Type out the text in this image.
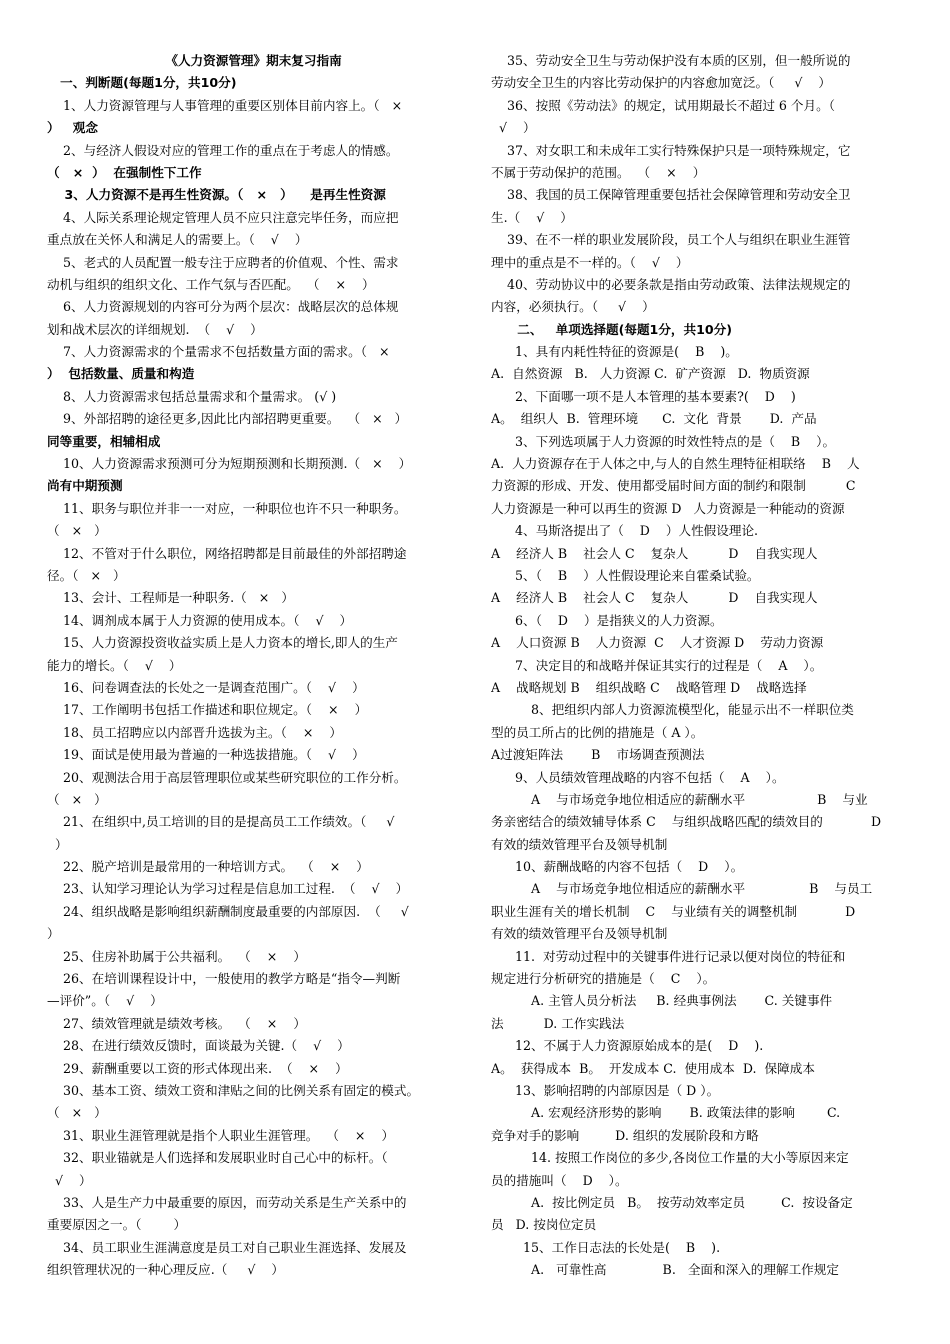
《人力资源管理》期末复习指南
一、判断题(每题1分，共10分)
1、人力资源管理与人事管理的重要区别体目前内容上。（   ×
）   观念
2、与经济人假设对应的管理工作的重点在于考虑人的情感。
（   ×  ）  在强制性下工作
3、人力资源不是再生性资源。（   ×   ）    是再生性资源
4、人际关系理论规定管理人员不应只注意完毕任务，而应把
重点放在关怀人和满足人的需要上。（    √    ）
5、老式的人员配置一般专注于应聘者的价值观、个性、需求
动机与组织的组织文化、工作气氛与否匹配。  （    ×    ）
6、人力资源规划的内容可分为两个层次：战略层次的总体规
划和战术层次的详细规划.  （    √    ）
7、人力资源需求的个量需求不包括数量方面的需求。（   ×
）  包括数量、质量和构造
8、人力资源需求包括总量需求和个量需求。 (√ )
9、外部招聘的途径更多,因此比内部招聘更重要。  （   ×   ）
同等重要，相辅相成
10、人力资源需求预测可分为短期预测和长期预测.（   ×    ）
尚有中期预测
11、职务与职位并非一一对应，一种职位也许不只一种职务。
（   ×   ）
12、不管对于什么职位，网络招聘都是目前最佳的外部招聘途
径。（   ×   ）
13、会计、工程师是一种职务.（   ×   ）
14、调剂成本属于人力资源的使用成本。（    √    ）
15、人力资源投资收益实质上是人力资本的增长,即人的生产
能力的增长。（    √    ）
16、问卷调查法的长处之一是调查范围广。（    √    ）
17、工作阐明书包括工作描述和职位规定。（    ×    ）
18、员工招聘应以内部晋升选拔为主。（    ×    ）
19、面试是使用最为普遍的一种选拔措施。（    √    ）
20、观测法合用于高层管理职位或某些研究职位的工作分析。
（   ×   ）
21、在组织中,员工培训的目的是提高员工工作绩效。（     √
）
22、脱产培训是最常用的一种培训方式。  （    ×    ）
23、认知学习理论认为学习过程是信息加工过程.  （    √    ）
24、组织战略是影响组织薪酬制度最重要的内部原因.  （     √
）
25、住房补助属于公共福利。  （    ×    ）
26、在培训课程设计中，一般使用的教学方略是“指令—判断
—评价”。（    √    ）
27、绩效管理就是绩效考核。  （    ×    ）
28、在进行绩效反馈时，面谈最为关键.（    √    ）
29、薪酬重要以工资的形式体现出来.  （    ×    ）
30、基本工资、绩效工资和津贴之间的比例关系有固定的模式。
（   ×   ）
31、职业生涯管理就是指个人职业生涯管理。  （    ×    ）
32、职业锚就是人们选择和发展职业时自己心中的标杆。（
√    ）
33、人是生产力中最重要的原因，而劳动关系是生产关系中的
重要原因之一。（        ）
34、员工职业生涯满意度是员工对自己职业生涯选择、发展及
组织管理状况的一种心理反应.（     √    ）
35、劳动安全卫生与劳动保护没有本质的区别，但一般所说的
劳动安全卫生的内容比劳动保护的内容愈加宽泛。（     √    ）
36、按照《劳动法》的规定，试用期最长不超过 6 个月。（
√    ）
37、对女职工和未成年工实行特殊保护只是一项特殊规定，它
不属于劳动保护的范围。  （    ×    ）
38、我国的员工保障管理重要包括社会保障管理和劳动安全卫
生.（    √    ）
39、在不一样的职业发展阶段，员工个人与组织在职业生涯管
理中的重点是不一样的。（    √    ）
40、劳动协议中的必要条款是指由劳动政策、法律法规规定的
内容，必须执行。（     √    ）
二、   单项选择题(每题1分，共10分)
1、具有内耗性特征的资源是(    B    )。
A.  自然资源   B.   人力资源 C.  矿产资源   D.  物质资源
2、下面哪一项不是人本管理的基本要素?(    D    )
A。  组织人  B.  管理环境      C.  文化  背景       D.  产品
3、下列选项属于人力资源的时效性特点的是（    B    ）。
A.  人力资源存在于人体之中,与人的自然生理特征相联络    B    人
力资源的形成、开发、使用都受届时间方面的制约和限制          C
人力资源是一种可以再生的资源 D   人力资源是一种能动的资源
4、马斯洛提出了（    D    ）人性假设理论.
A    经济人 B    社会人 C    复杂人          D    自我实现人
5、（    B    ）人性假设理论来自霍桑试验。
A    经济人 B    社会人 C    复杂人          D    自我实现人
6、（    D    ）是指狭义的人力资源。
A    人口资源 B    人力资源  C    人才资源 D    劳动力资源
7、决定目的和战略并保证其实行的过程是（    A    ）。
A    战略规划 B    组织战略 C    战略管理 D    战略选择
8、把组织内部人力资源流模型化，能显示出不一样职位类
型的员工所占的比例的措施是（ A ）。
A过渡矩阵法       B    市场调查预测法
9、人员绩效管理战略的内容不包括（    A    ）。
A    与市场竞争地位相适应的薪酬水平                  B    与业
务亲密结合的绩效辅导体系 C    与组织战略匹配的绩效目的            D
有效的绩效管理平台及领导机制
10、薪酬战略的内容不包括（    D    ）。
A    与市场竞争地位相适应的薪酬水平                B    与员工
职业生涯有关的增长机制    C    与业绩有关的调整机制            D
有效的绩效管理平台及领导机制
11.  对劳动过程中的关键事件进行记录以便对岗位的特征和
规定进行分析研究的措施是（    C    ）。
A. 主管人员分析法     B. 经典事例法       C. 关键事件
法          D. 工作实践法
12、不属于人力资源原始成本的是(    D    ).
A。  获得成本  B。  开发成本 C.  使用成本  D.  保障成本
13、影响招聘的内部原因是（ D ）。
A. 宏观经济形势的影响       B. 政策法律的影响        C.
竞争对手的影响         D. 组织的发展阶段和方略
14. 按照工作岗位的多少,各岗位工作量的大小等原因来定
员的措施叫（    D    ）。
A.  按比例定员   B。  按劳动效率定员         C.  按设备定
员   D. 按岗位定员
15、工作日志法的长处是(    B    ).
A.   可靠性高              B.   全面和深入的理解工作规定
